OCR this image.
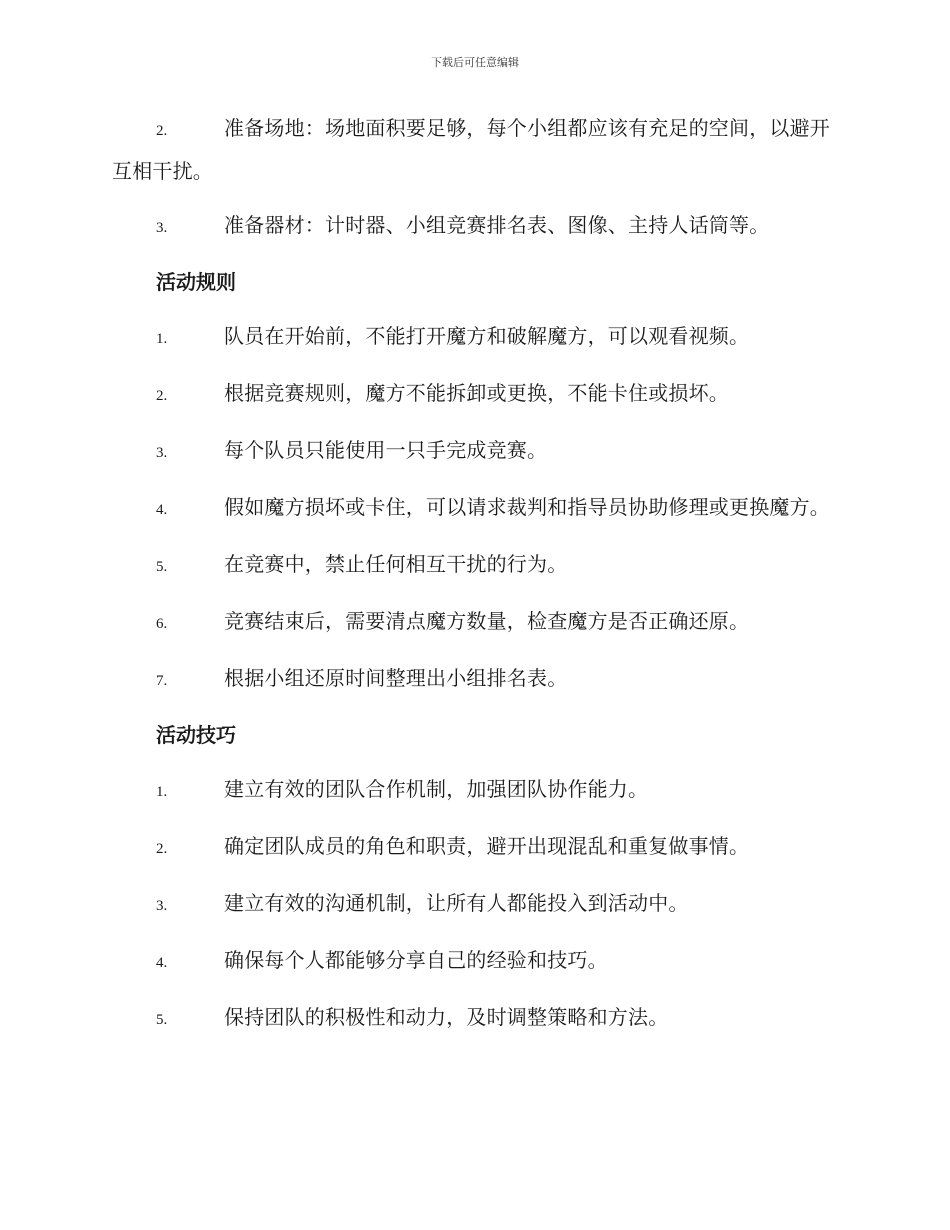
下载后可任意编辑
2.	准备场地：场地面积要足够，每个小组都应该有充足的空间，以避开互相干扰。
3.	准备器材：计时器、小组竞赛排名表、图像、主持人话筒等。
活动规则
1.	队员在开始前，不能打开魔方和破解魔方，可以观看视频。
2.	根据竞赛规则，魔方不能拆卸或更换，不能卡住或损坏。
3.	每个队员只能使用一只手完成竞赛。
4.	假如魔方损坏或卡住，可以请求裁判和指导员协助修理或更换魔方。
5.	在竞赛中，禁止任何相互干扰的行为。
6.	竞赛结束后，需要清点魔方数量，检查魔方是否正确还原。
7.	根据小组还原时间整理出小组排名表。
活动技巧
1.	建立有效的团队合作机制，加强团队协作能力。
2.	确定团队成员的角色和职责，避开出现混乱和重复做事情。
3.	建立有效的沟通机制，让所有人都能投入到活动中。
4.	确保每个人都能够分享自己的经验和技巧。
5.	保持团队的积极性和动力，及时调整策略和方法。
